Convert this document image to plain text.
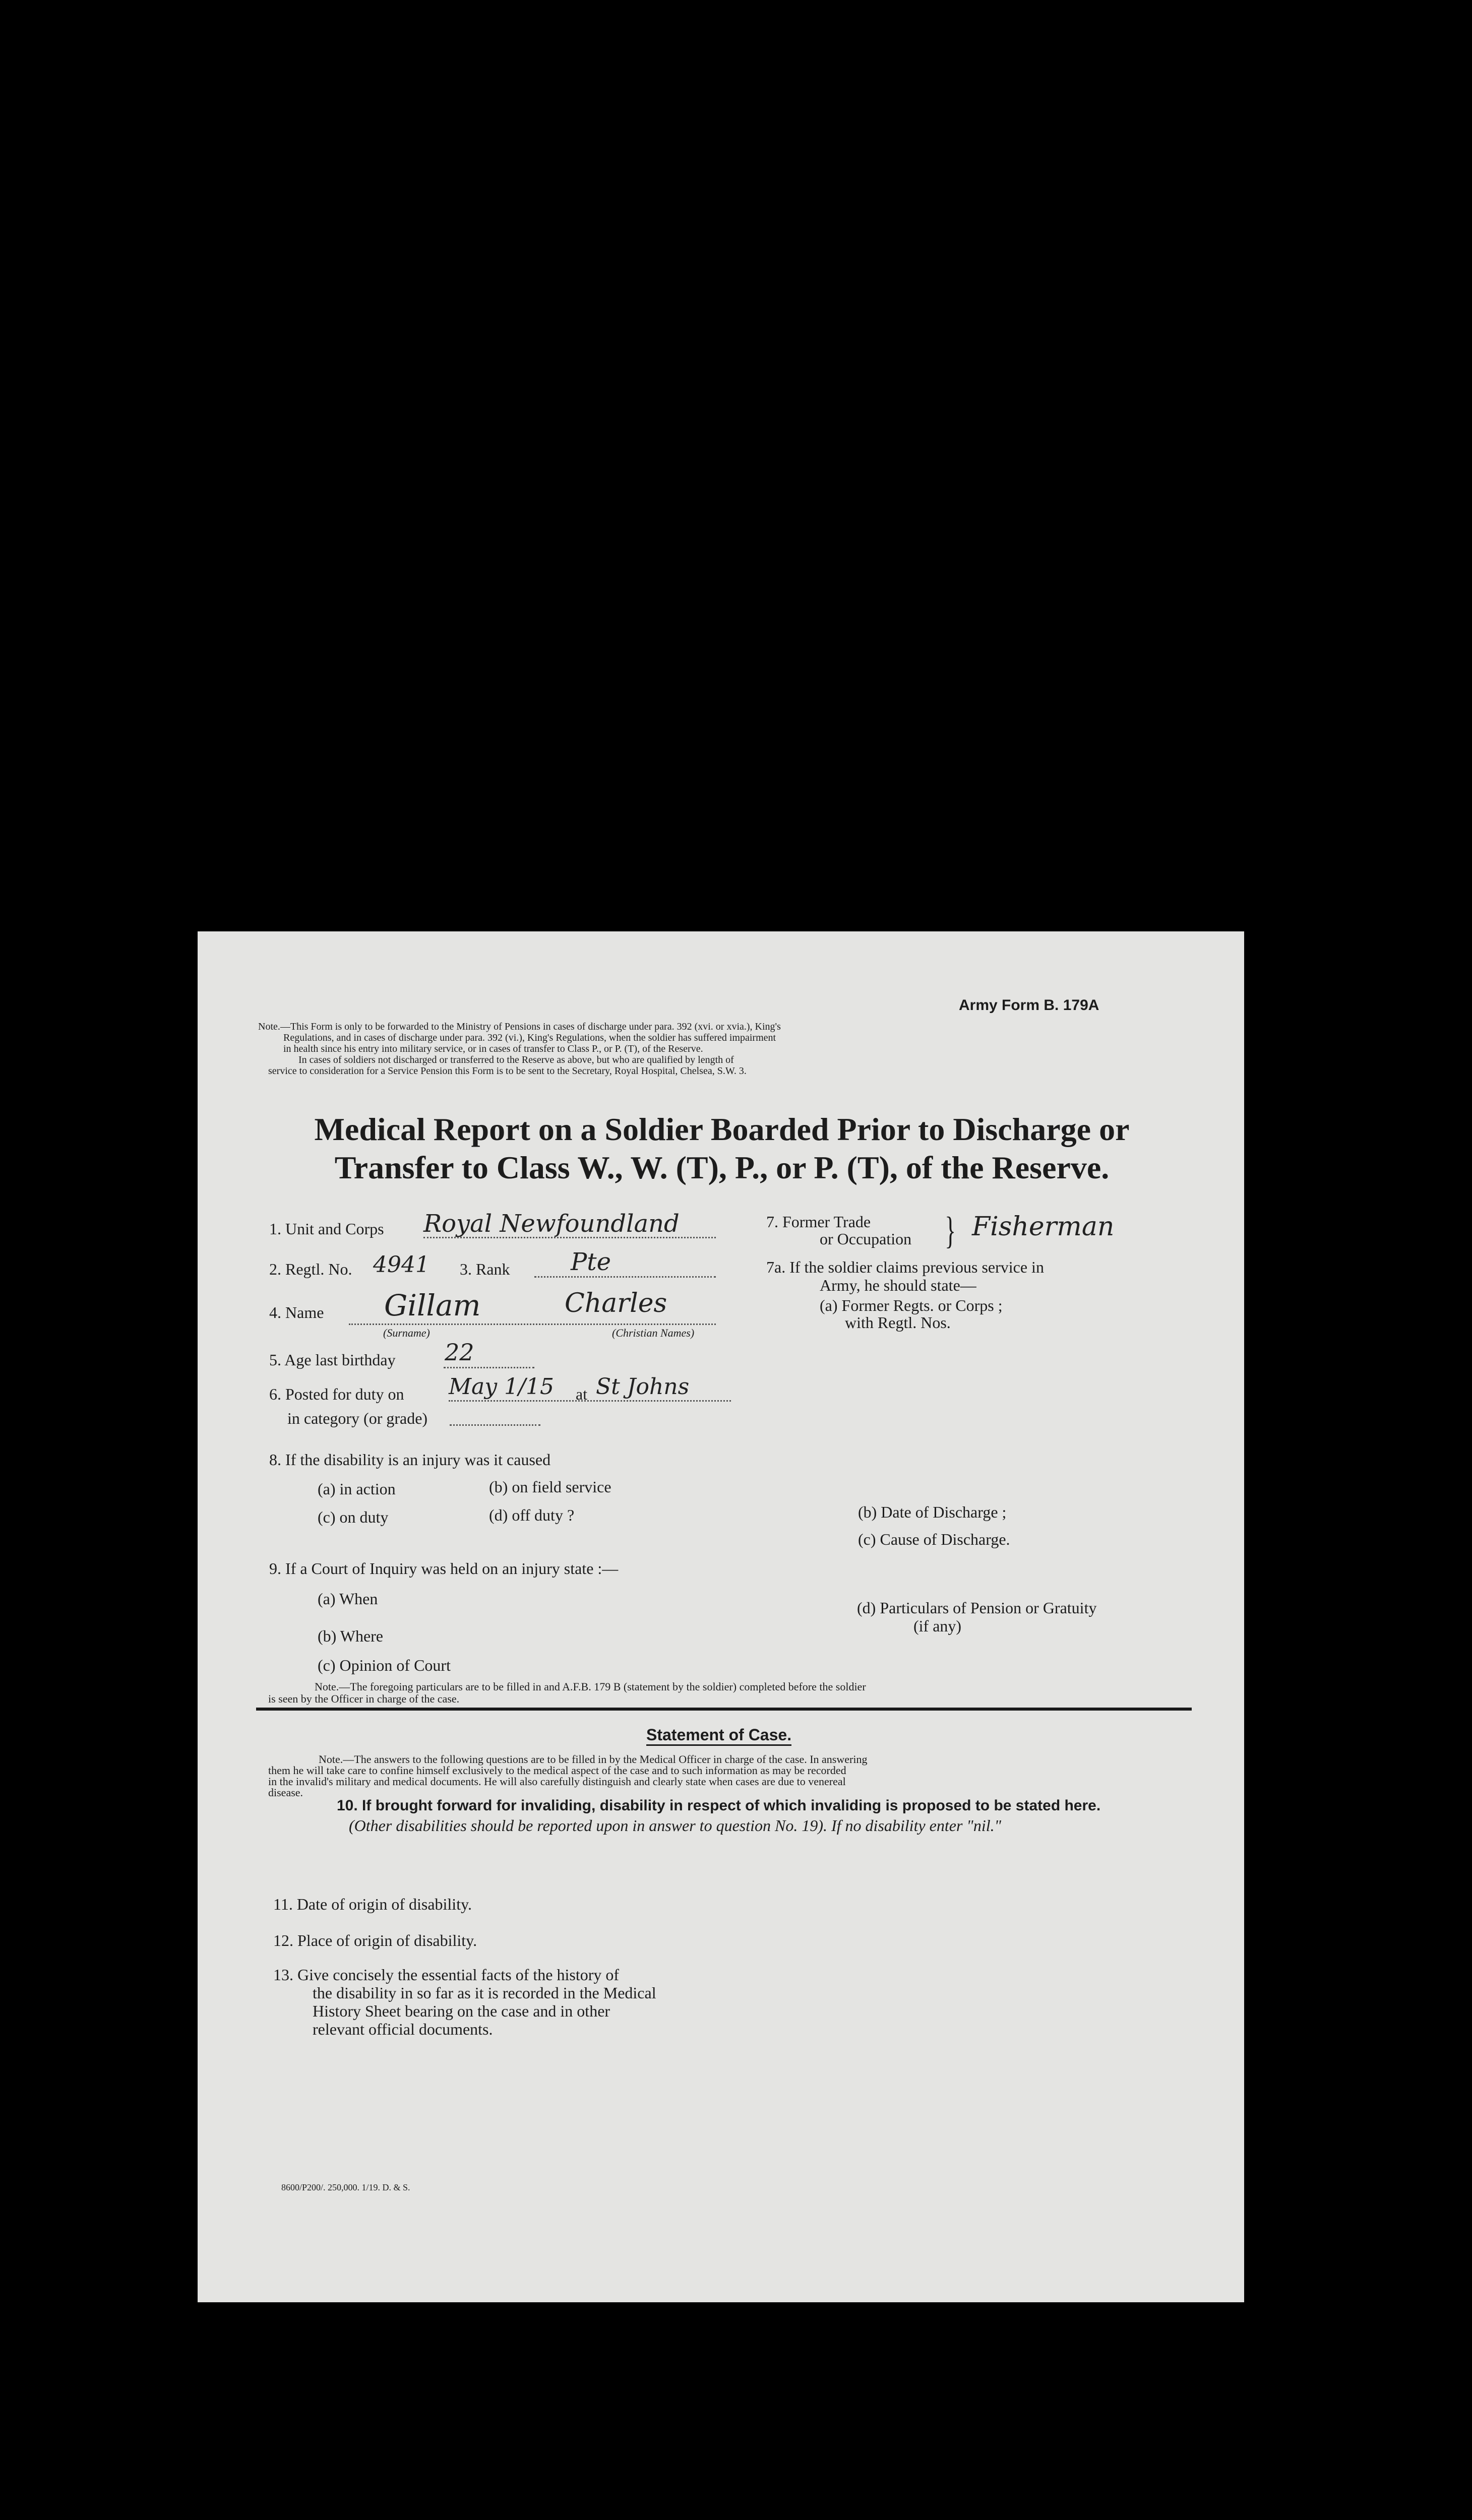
Army Form B. 179A
Note.—This Form is only to be forwarded to the Ministry of Pensions in cases of discharge under para. 392 (xvi. or xvia.), King's
Regulations, and in cases of discharge under para. 392 (vi.), King's Regulations, when the soldier has suffered impairment
in health since his entry into military service, or in cases of transfer to Class P., or P. (T), of the Reserve.
In cases of soldiers not discharged or transferred to the Reserve as above, but who are qualified by length of
service to consideration for a Service Pension this Form is to be sent to the Secretary, Royal Hospital, Chelsea, S.W. 3.
Medical Report on a Soldier Boarded Prior to Discharge or
Transfer to Class W., W. (T), P., or P. (T), of the Reserve.
1. Unit and Corps Royal Newfoundland
2. Regtl. No. 4941 3. Rank	Pte
4. Name Gillam	Charles
(Surname)	(Christian Names)
5. Age last birthday 22
6. Posted for duty on May 1/15 at St Johns
in category (or grade)
7. Former Trade
or Occupation } Fisherman
7a. If the soldier claims previous service in
Army, he should state—
(a) Former Regts. or Corps ;
with Regtl. Nos.
8. If the disability is an injury was it caused
(a) in action	(b) on field service
(c) on duty	(d) off duty ?	(b) Date of Discharge ;
(c) Cause of Discharge.
9. If a Court of Inquiry was held on an injury state :—
(a) When
(b) Where
(c) Opinion of Court
(d) Particulars of Pension or Gratuity
(if any)
Note.—The foregoing particulars are to be filled in and A.F.B. 179 B (statement by the soldier) completed before the soldier
is seen by the Officer in charge of the case.
Statement of Case.
Note.—The answers to the following questions are to be filled in by the Medical Officer in charge of the case. In answering
them he will take care to confine himself exclusively to the medical aspect of the case and to such information as may be recorded
in the invalid's military and medical documents. He will also carefully distinguish and clearly state when cases are due to venereal
disease.
10. If brought forward for invaliding, disability in respect of which invaliding is proposed to be stated here.
(Other disabilities should be reported upon in answer to question No. 19). If no disability enter "nil."
11. Date of origin of disability.
12. Place of origin of disability.
13. Give concisely the essential facts of the history of
the disability in so far as it is recorded in the Medical
History Sheet bearing on the case and in other
relevant official documents.
8600/P200/. 250,000. 1/19. D. & S.
